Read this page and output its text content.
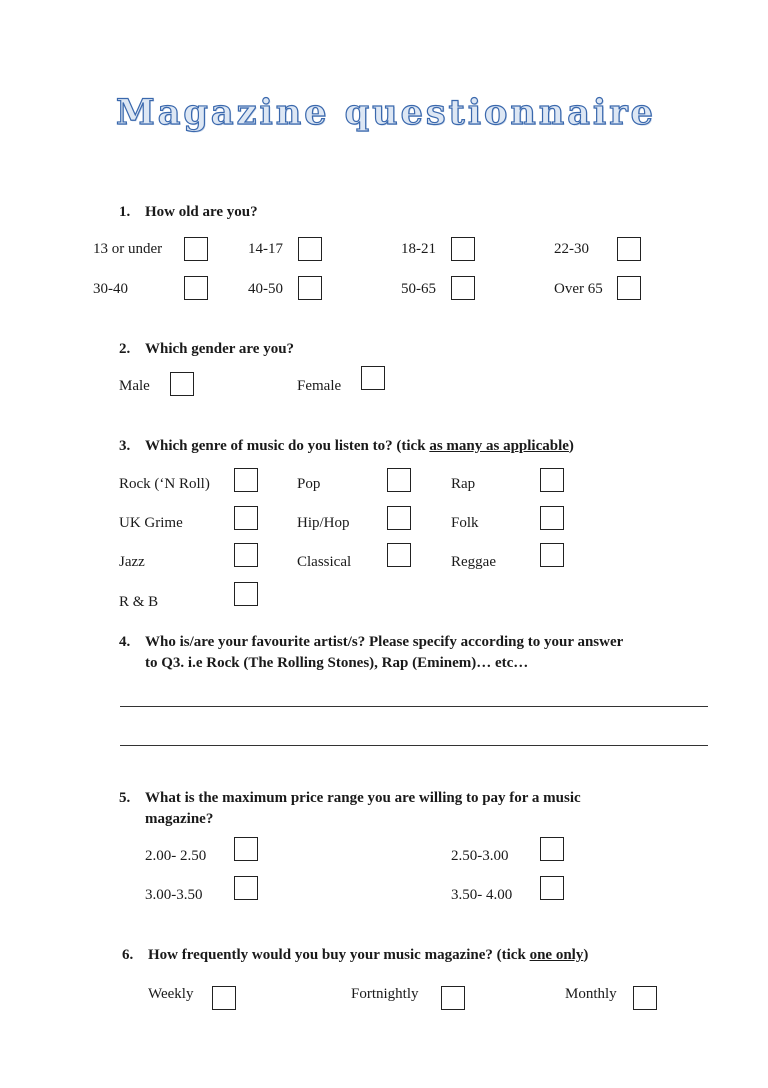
Magazine questionnaire
1. How old are you?
13 or under	14-17	18-21	22-30
30-40	40-50	50-65	Over 65
2. Which gender are you?
Male	Female
3. Which genre of music do you listen to? (tick as many as applicable)
Rock (‘N Roll)	Pop	Rap
UK Grime	Hip/Hop	Folk
Jazz	Classical	Reggae
R & B
4. Who is/are your favourite artist/s? Please specify according to your answer
to Q3. i.e Rock (The Rolling Stones), Rap (Eminem)… etc…
5. What is the maximum price range you are willing to pay for a music
magazine?
2.00- 2.50	2.50-3.00
3.00-3.50	3.50- 4.00
6. How frequently would you buy your music magazine? (tick one only)
Weekly	Fortnightly	Monthly
